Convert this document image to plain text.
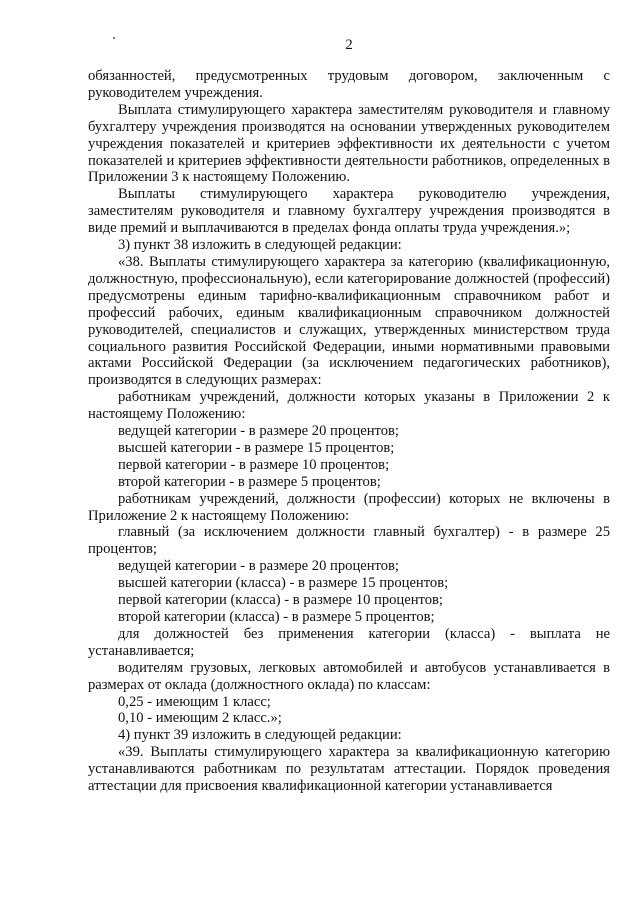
2

обязанностей, предусмотренных трудовым договором, заключенным с руководителем учреждения.

Выплата стимулирующего характера заместителям руководителя и главному бухгалтеру учреждения производятся на основании утвержденных руководителем учреждения показателей и критериев эффективности их деятельности с учетом показателей и критериев эффективности деятельности работников, определенных в Приложении 3 к настоящему Положению.

Выплаты стимулирующего характера руководителю учреждения, заместителям руководителя и главному бухгалтеру учреждения производятся в виде премий и выплачиваются в пределах фонда оплаты труда учреждения.»;

3) пункт 38 изложить в следующей редакции:

«38. Выплаты стимулирующего характера за категорию (квалификационную, должностную, профессиональную), если категорирование должностей (профессий) предусмотрены единым тарифно-квалификационным справочником работ и профессий рабочих, единым квалификационным справочником должностей руководителей, специалистов и служащих, утвержденных министерством труда социального развития Российской Федерации, иными нормативными правовыми актами Российской Федерации (за исключением педагогических работников), производятся в следующих размерах:

работникам учреждений, должности которых указаны в Приложении 2 к настоящему Положению:

ведущей категории - в размере 20 процентов;

высшей категории - в размере 15 процентов;

первой категории - в размере 10 процентов;

второй категории - в размере 5 процентов;

работникам учреждений, должности (профессии) которых не включены в Приложение 2 к настоящему Положению:

главный (за исключением должности главный бухгалтер) - в размере 25 процентов;

ведущей категории - в размере 20 процентов;

высшей категории (класса) - в размере 15 процентов;

первой категории (класса) - в размере 10 процентов;

второй категории (класса) - в размере 5 процентов;

для должностей без применения категории (класса) - выплата не устанавливается;

водителям грузовых, легковых автомобилей и автобусов устанавливается в размерах от оклада (должностного оклада) по классам:

0,25 - имеющим 1 класс;

0,10 - имеющим 2 класс.»;

4) пункт 39 изложить в следующей редакции:

«39. Выплаты стимулирующего характера за квалификационную категорию устанавливаются работникам по результатам аттестации. Порядок проведения аттестации для присвоения квалификационной категории устанавливается
